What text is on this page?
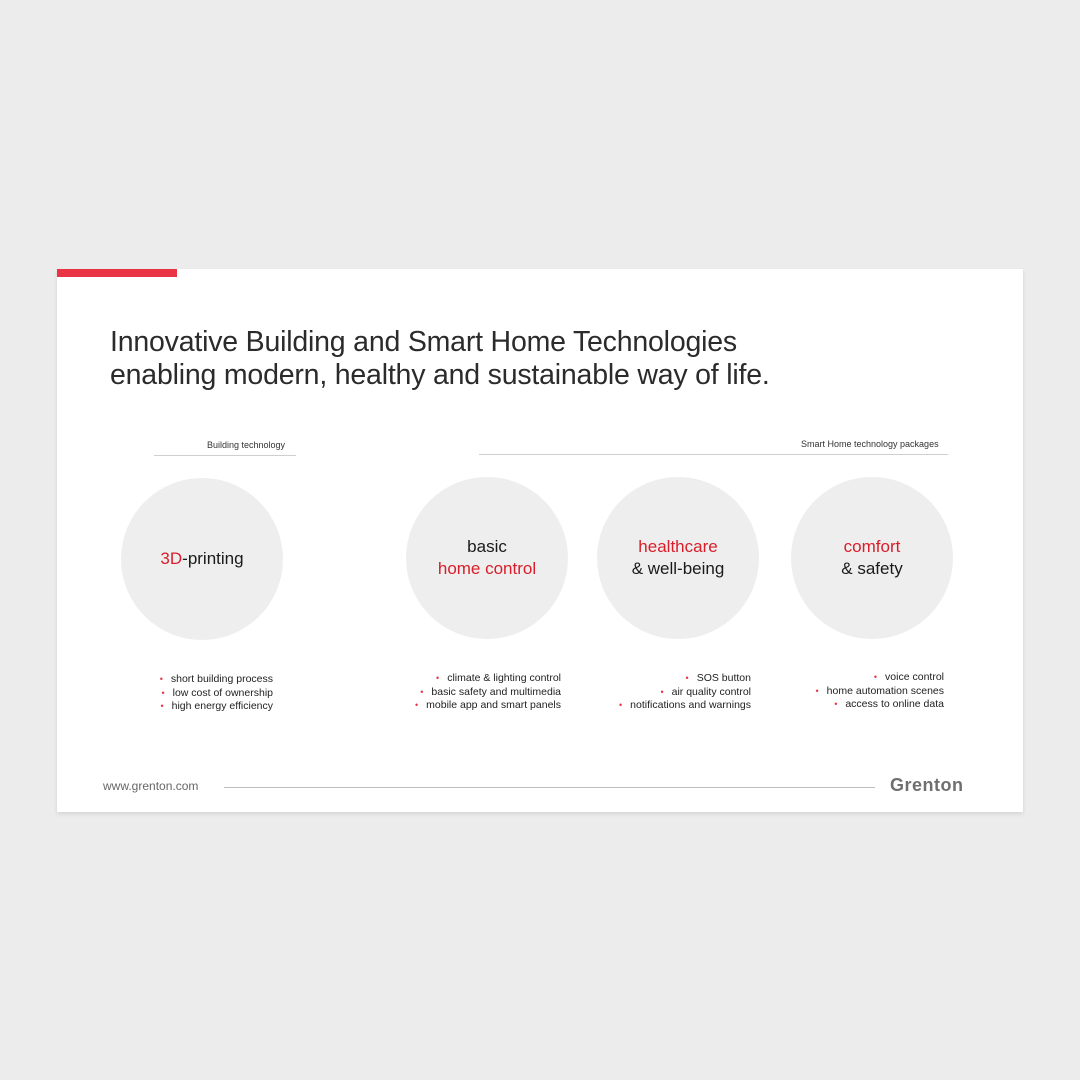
Innovative Building and Smart Home Technologies
enabling modern, healthy and sustainable way of life.
Building technology	Smart Home technology packages
3D-printing
• short building process
• low cost of ownership
• high energy efficiency
basic
home control
• climate & lighting control
• basic safety and multimedia
• mobile app and smart panels
healthcare
& well-being
• SOS button
• air quality control
• notifications and warnings
comfort
& safety
• voice control
• home automation scenes
• access to online data
www.grenton.com	Grenton
